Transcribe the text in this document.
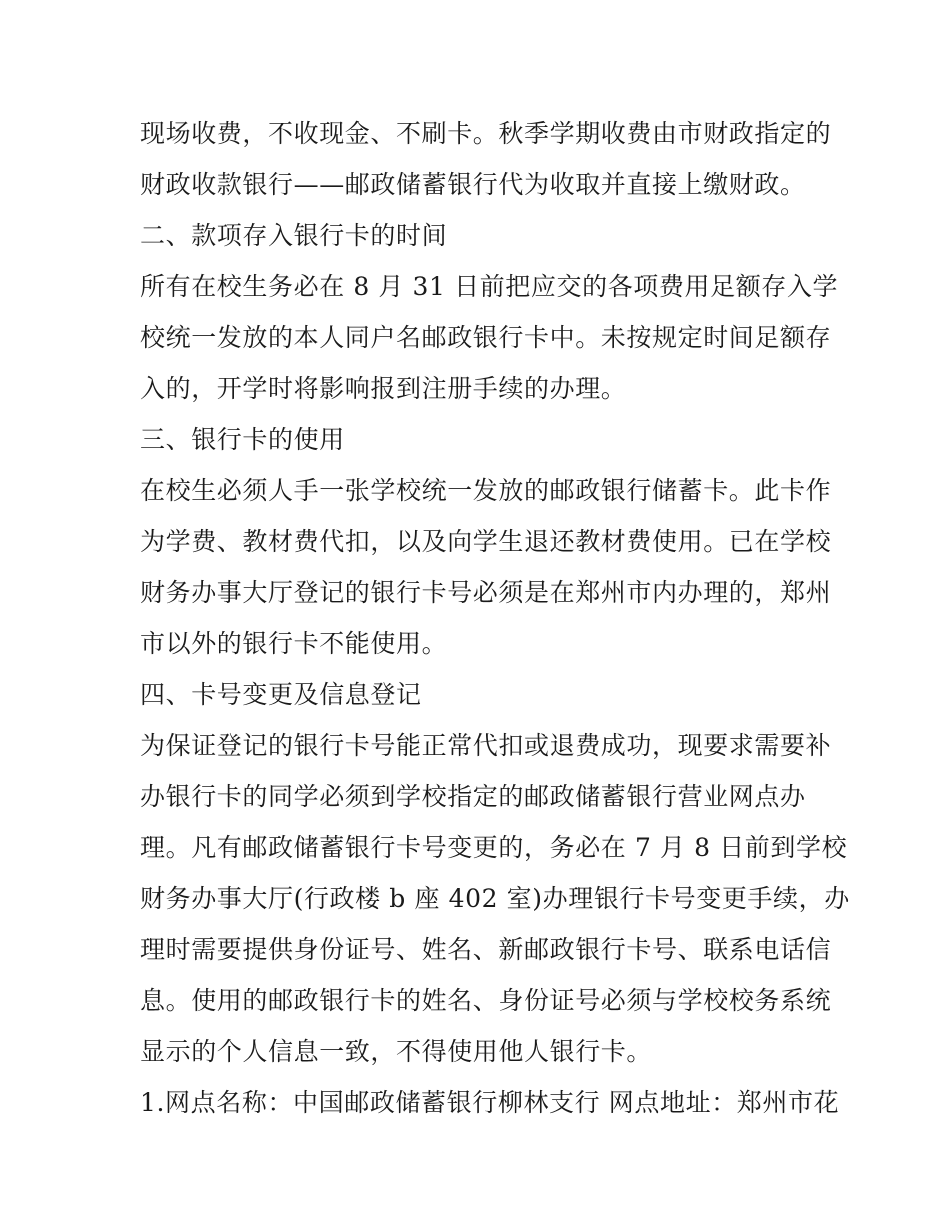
现场收费，不收现金、不刷卡。秋季学期收费由市财政指定的
财政收款银行——邮政储蓄银行代为收取并直接上缴财政。
二、款项存入银行卡的时间
所有在校生务必在 8 月 31 日前把应交的各项费用足额存入学
校统一发放的本人同户名邮政银行卡中。未按规定时间足额存
入的，开学时将影响报到注册手续的办理。
三、银行卡的使用
在校生必须人手一张学校统一发放的邮政银行储蓄卡。此卡作
为学费、教材费代扣，以及向学生退还教材费使用。已在学校
财务办事大厅登记的银行卡号必须是在郑州市内办理的，郑州
市以外的银行卡不能使用。
四、卡号变更及信息登记
为保证登记的银行卡号能正常代扣或退费成功，现要求需要补
办银行卡的同学必须到学校指定的邮政储蓄银行营业网点办
理。凡有邮政储蓄银行卡号变更的，务必在 7 月 8 日前到学校
财务办事大厅(行政楼 b 座 402 室)办理银行卡号变更手续，办
理时需要提供身份证号、姓名、新邮政银行卡号、联系电话信
息。使用的邮政银行卡的姓名、身份证号必须与学校校务系统
显示的个人信息一致，不得使用他人银行卡。
1.网点名称：中国邮政储蓄银行柳林支行 网点地址：郑州市花
